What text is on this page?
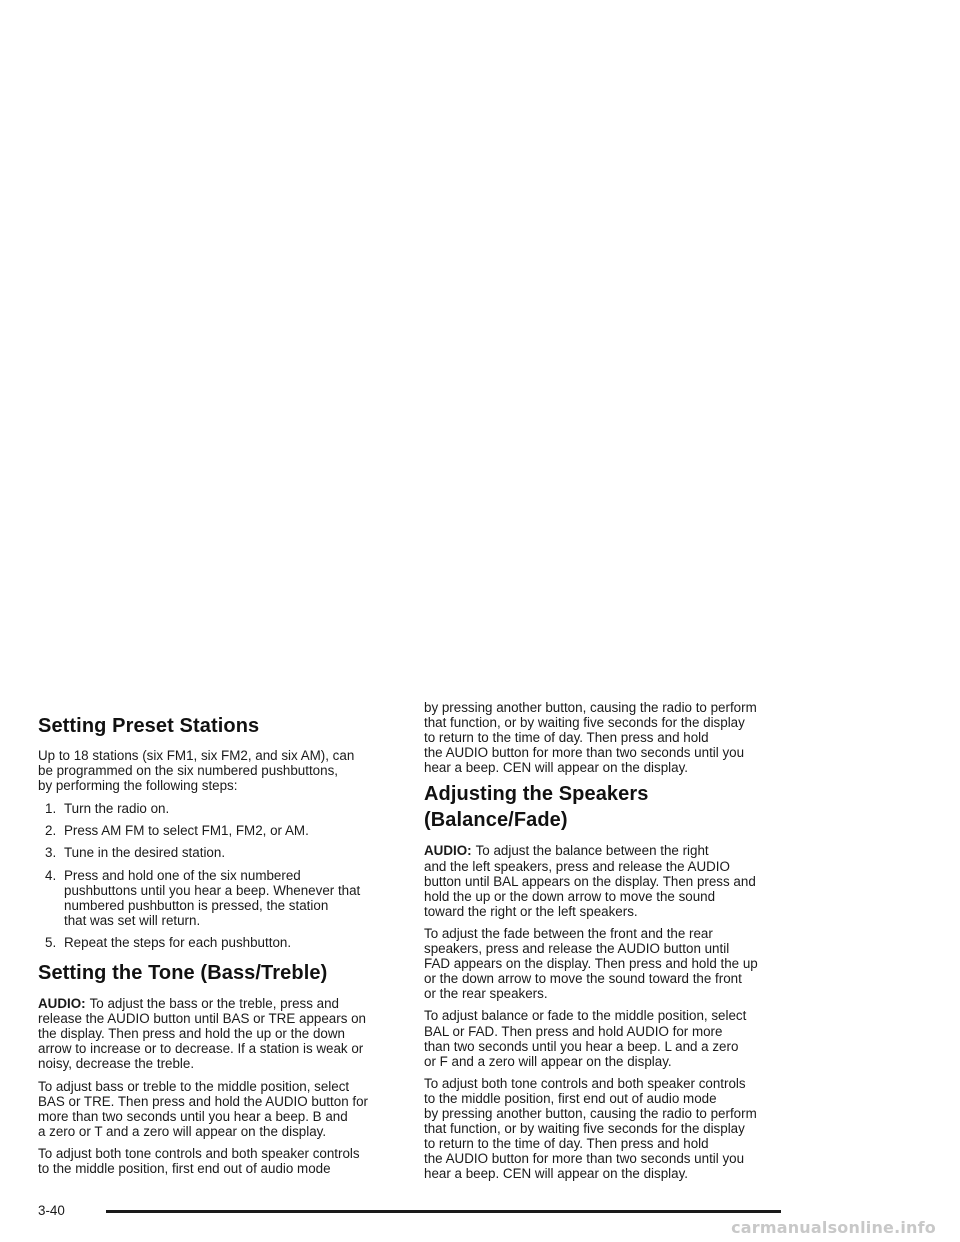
Setting Preset Stations

Up to 18 stations (six FM1, six FM2, and six AM), can
be programmed on the six numbered pushbuttons,
by performing the following steps:

1. Turn the radio on.
2. Press AM FM to select FM1, FM2, or AM.
3. Tune in the desired station.
4. Press and hold one of the six numbered
pushbuttons until you hear a beep. Whenever that
numbered pushbutton is pressed, the station
that was set will return.
5. Repeat the steps for each pushbutton.
Setting the Tone (Bass/Treble)

AUDIO: To adjust the bass or the treble, press and
release the AUDIO button until BAS or TRE appears on
the display. Then press and hold the up or the down
arrow to increase or to decrease. If a station is weak or
noisy, decrease the treble.

To adjust bass or treble to the middle position, select
BAS or TRE. Then press and hold the AUDIO button for
more than two seconds until you hear a beep. B and
a zero or T and a zero will appear on the display.

To adjust both tone controls and both speaker controls
to the middle position, first end out of audio mode

by pressing another button, causing the radio to perform
that function, or by waiting five seconds for the display
to return to the time of day. Then press and hold
the AUDIO button for more than two seconds until you
hear a beep. CEN will appear on the display.

Adjusting the Speakers (Balance/Fade)

AUDIO: To adjust the balance between the right
and the left speakers, press and release the AUDIO
button until BAL appears on the display. Then press and
hold the up or the down arrow to move the sound
toward the right or the left speakers.

To adjust the fade between the front and the rear
speakers, press and release the AUDIO button until
FAD appears on the display. Then press and hold the up
or the down arrow to move the sound toward the front
or the rear speakers.

To adjust balance or fade to the middle position, select
BAL or FAD. Then press and hold AUDIO for more
than two seconds until you hear a beep. L and a zero
or F and a zero will appear on the display.

To adjust both tone controls and both speaker controls
to the middle position, first end out of audio mode
by pressing another button, causing the radio to perform
that function, or by waiting five seconds for the display
to return to the time of day. Then press and hold
the AUDIO button for more than two seconds until you
hear a beep. CEN will appear on the display.

3-40
carmanualsonline.info
